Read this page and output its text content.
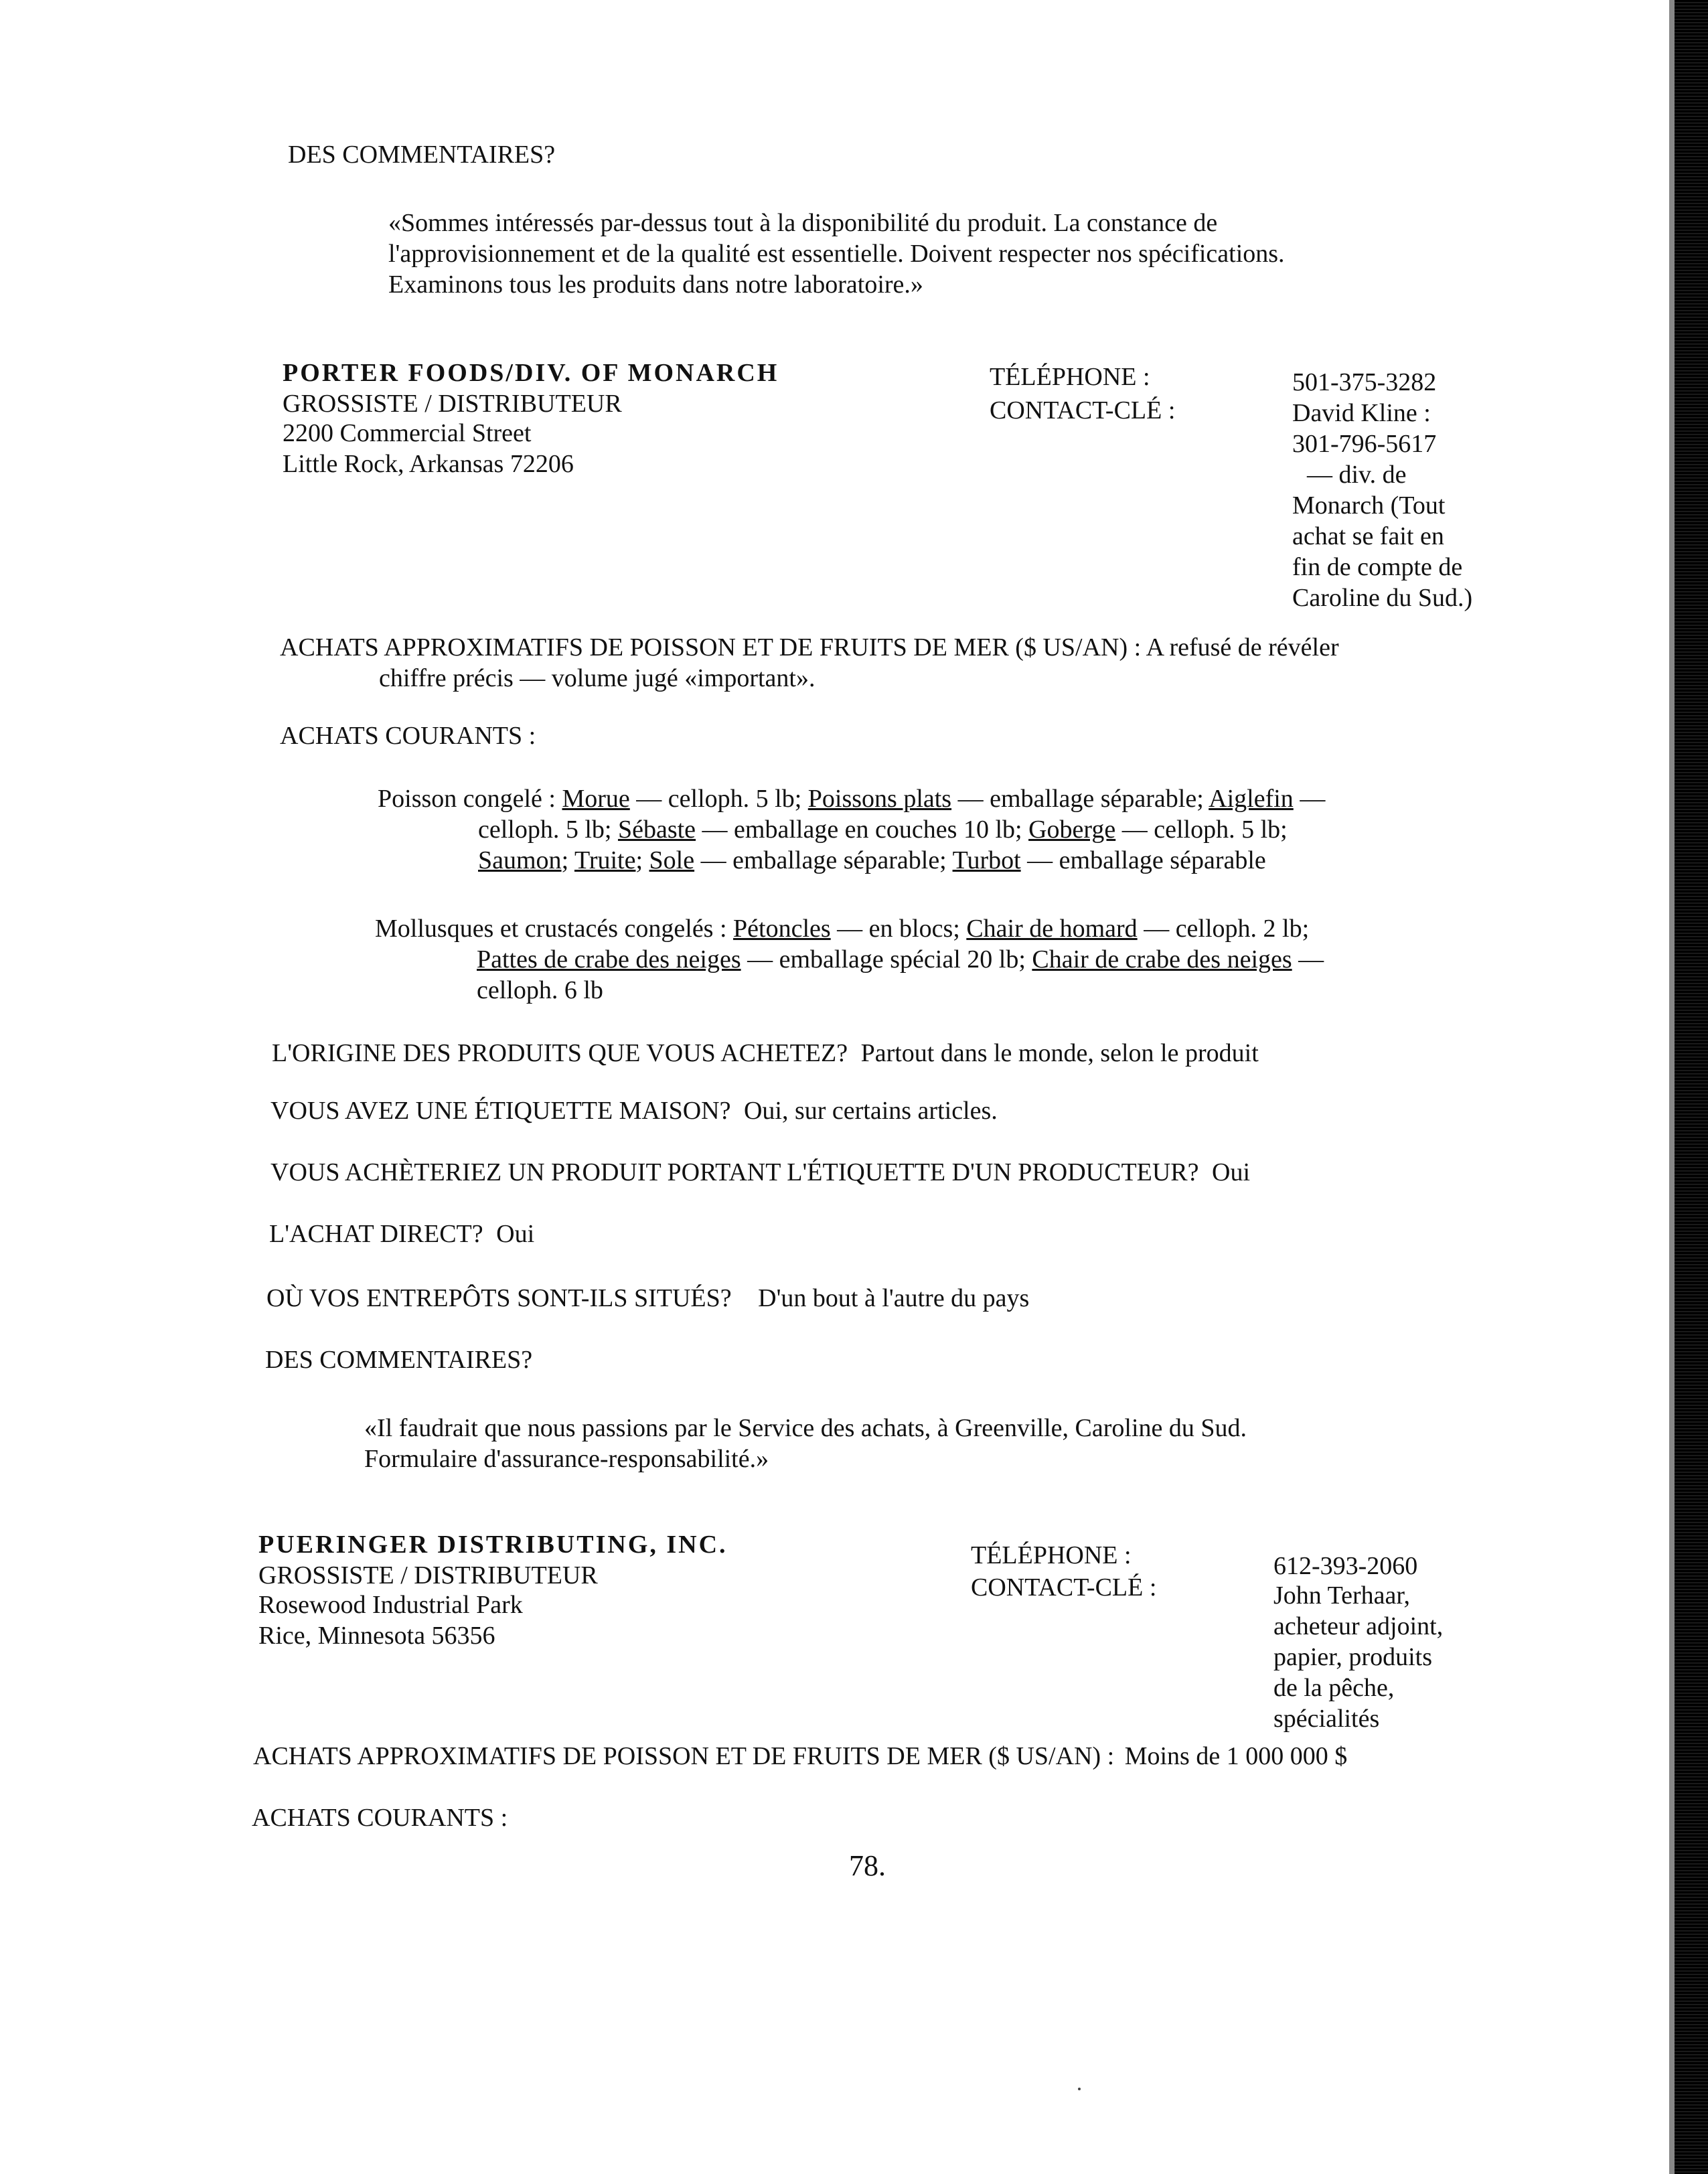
DES COMMENTAIRES?

«Sommes intéressés par-dessus tout à la disponibilité du produit. La constance de

l'approvisionnement et de la qualité est essentielle. Doivent respecter nos spécifications.

Examinons tous les produits dans notre laboratoire.»

PORTER FOODS/DIV. OF MONARCH
GROSSISTE / DISTRIBUTEUR
2200 Commercial Street
Little Rock, Arkansas 72206
TÉLÉPHONE :
CONTACT-CLÉ :
501-375-3282

David Kline :

301-796-5617

— div. de

Monarch (Tout

achat se fait en

fin de compte de

Caroline du Sud.)

ACHATS APPROXIMATIFS DE POISSON ET DE FRUITS DE MER ($ US/AN) : A refusé de révéler
chiffre précis — volume jugé «important».
ACHATS COURANTS :
Poisson congelé : Morue — celloph. 5 lb; Poissons plats — emballage séparable; Aiglefin —
celloph. 5 lb; Sébaste — emballage en couches 10 lb; Goberge — celloph. 5 lb;
Saumon; Truite; Sole — emballage séparable; Turbot — emballage séparable
Mollusques et crustacés congelés : Pétoncles — en blocs; Chair de homard — celloph. 2 lb;
Pattes de crabe des neiges — emballage spécial 20 lb; Chair de crabe des neiges —
celloph. 6 lb
L'ORIGINE DES PRODUITS QUE VOUS ACHETEZ? Partout dans le monde, selon le produit
VOUS AVEZ UNE ÉTIQUETTE MAISON? Oui, sur certains articles.
VOUS ACHÈTERIEZ UN PRODUIT PORTANT L'ÉTIQUETTE D'UN PRODUCTEUR? Oui
L'ACHAT DIRECT? Oui
OÙ VOS ENTREPÔTS SONT-ILS SITUÉS? D'un bout à l'autre du pays
DES COMMENTAIRES?

«Il faudrait que nous passions par le Service des achats, à Greenville, Caroline du Sud.

Formulaire d'assurance-responsabilité.»

PUERINGER DISTRIBUTING, INC.
GROSSISTE / DISTRIBUTEUR
Rosewood Industrial Park
Rice, Minnesota 56356
TÉLÉPHONE :
CONTACT-CLÉ :
612-393-2060

John Terhaar,

acheteur adjoint,

papier, produits

de la pêche,

spécialités

ACHATS APPROXIMATIFS DE POISSON ET DE FRUITS DE MER ($ US/AN) : Moins de 1 000 000 $
ACHATS COURANTS :
78.
